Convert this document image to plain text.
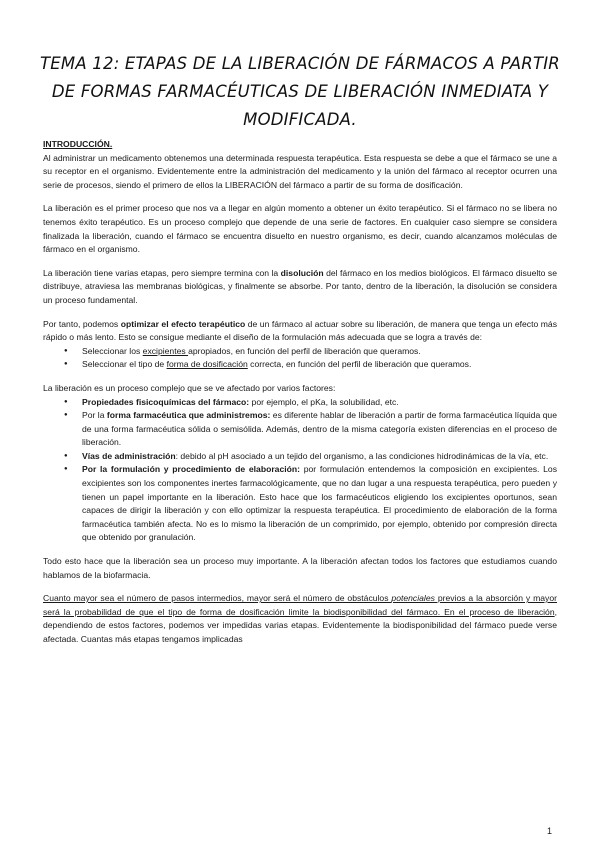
TEMA 12: ETAPAS DE LA LIBERACIÓN DE FÁRMACOS A PARTIR DE FORMAS FARMACÉUTICAS DE LIBERACIÓN INMEDIATA Y MODIFICADA.
INTRODUCCIÓN.

Al administrar un medicamento obtenemos una determinada respuesta terapéutica. Esta respuesta se debe a que el fármaco se une a su receptor en el organismo. Evidentemente entre la administración del medicamento y la unión del fármaco al receptor ocurren una serie de procesos, siendo el primero de ellos la LIBERACIÓN del fármaco a partir de su forma de dosificación.

La liberación es el primer proceso que nos va a llegar en algún momento a obtener un éxito terapéutico. Si el fármaco no se libera no tenemos éxito terapéutico. Es un proceso complejo que depende de una serie de factores. En cualquier caso siempre se considera finalizada la liberación, cuando el fármaco se encuentra disuelto en nuestro organismo, es decir, cuando alcanzamos moléculas de fármaco en el organismo.

La liberación tiene varias etapas, pero siempre termina con la disolución del fármaco en los medios biológicos. El fármaco disuelto se distribuye, atraviesa las membranas biológicas, y finalmente se absorbe. Por tanto, dentro de la liberación, la disolución se considera un proceso fundamental.

Por tanto, podemos optimizar el efecto terapéutico de un fármaco al actuar sobre su liberación, de manera que tenga un efecto más rápido o más lento. Esto se consigue mediante el diseño de la formulación más adecuada que se logra a través de:

● Seleccionar los excipientes apropiados, en función del perfil de liberación que queramos.
● Seleccionar el tipo de forma de dosificación correcta, en función del perfil de liberación que queramos.

La liberación es un proceso complejo que se ve afectado por varios factores:

● Propiedades fisicoquímicas del fármaco: por ejemplo, el pKa, la solubilidad, etc.
● Por la forma farmacéutica que administremos: es diferente hablar de liberación a partir de forma farmacéutica líquida que de una forma farmacéutica sólida o semisólida. Además, dentro de la misma categoría existen diferencias en el proceso de liberación.
● Vías de administración: debido al pH asociado a un tejido del organismo, a las condiciones hidrodinámicas de la vía, etc.
● Por la formulación y procedimiento de elaboración: por formulación entendemos la composición en excipientes. Los excipientes son los componentes inertes farmacológicamente, que no dan lugar a una respuesta terapéutica, pero pueden y tienen un papel importante en la liberación. Esto hace que los farmacéuticos eligiendo los excipientes oportunos, sean capaces de dirigir la liberación y con ello optimizar la respuesta terapéutica. El procedimiento de elaboración de la forma farmacéutica también afecta. No es lo mismo la liberación de un comprimido, por ejemplo, obtenido por compresión directa que obtenido por granulación.

Todo esto hace que la liberación sea un proceso muy importante. A la liberación afectan todos los factores que estudiamos cuando hablamos de la biofarmacia.

Cuanto mayor sea el número de pasos intermedios, mayor será el número de obstáculos potenciales previos a la absorción y mayor será la probabilidad de que el tipo de forma de dosificación limite la biodisponibilidad del fármaco. En el proceso de liberación, dependiendo de estos factores, podemos ver impedidas varias etapas. Evidentemente la biodisponibilidad del fármaco puede verse afectada. Cuantas más etapas tengamos implicadas

1
